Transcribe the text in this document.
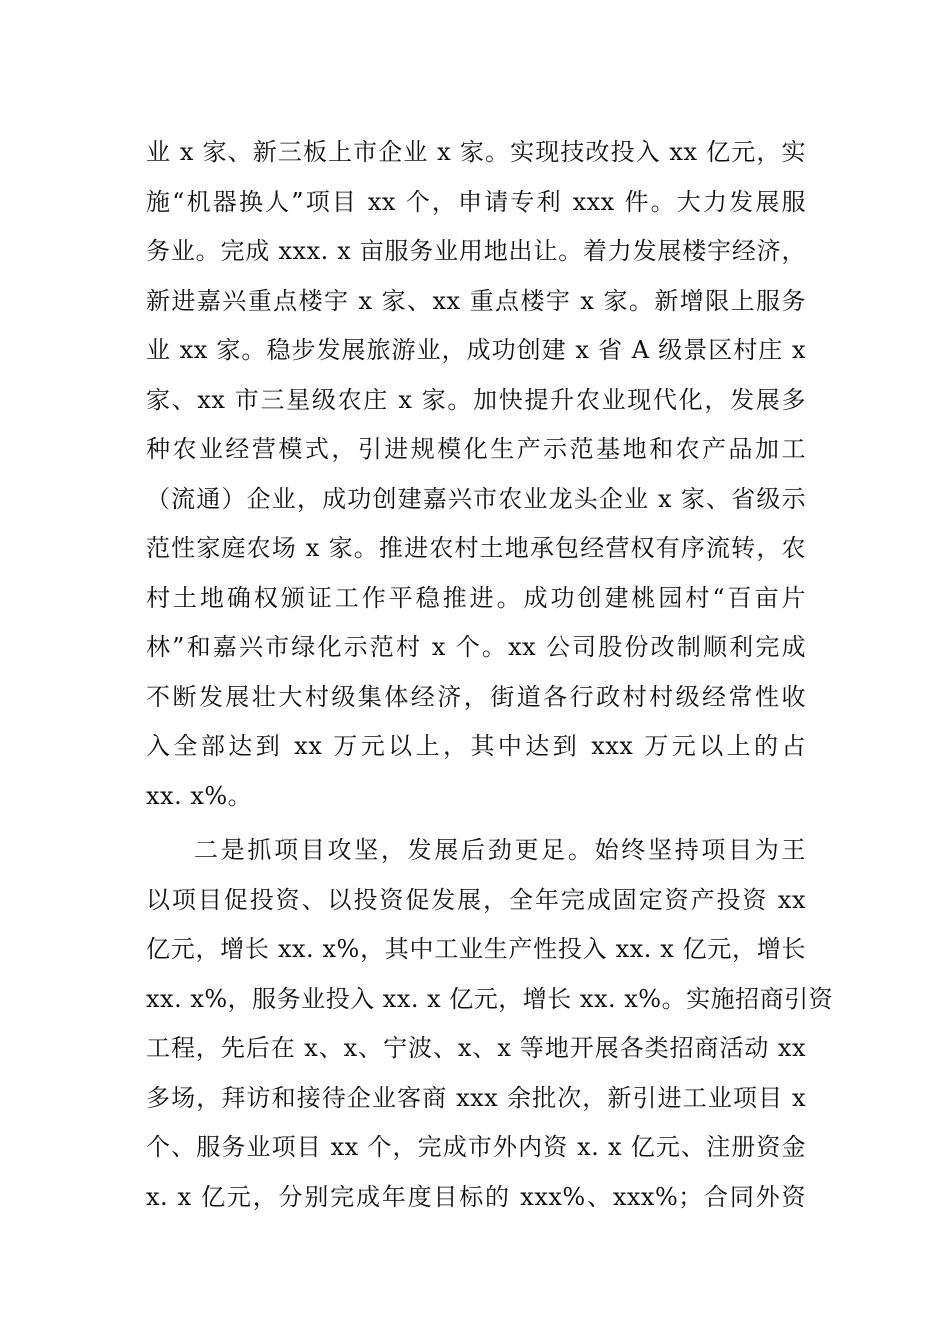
业 x 家、新三板上市企业 x 家。实现技改投入 xx 亿元，实
施“机器换人”项目 xx 个，申请专利 xxx 件。大力发展服
务业。完成 xxx. x 亩服务业用地出让。着力发展楼宇经济，
新进嘉兴重点楼宇 x 家、xx 重点楼宇 x 家。新增限上服务
业 xx 家。稳步发展旅游业，成功创建 x 省 A 级景区村庄 x
家、xx 市三星级农庄 x 家。加快提升农业现代化，发展多
种农业经营模式，引进规模化生产示范基地和农产品加工
（流通）企业，成功创建嘉兴市农业龙头企业 x 家、省级示
范性家庭农场 x 家。推进农村土地承包经营权有序流转，农
村土地确权颁证工作平稳推进。成功创建桃园村“百亩片
林”和嘉兴市绿化示范村 x 个。xx 公司股份改制顺利完成
不断发展壮大村级集体经济，街道各行政村村级经常性收
入全部达到 xx 万元以上，其中达到 xxx 万元以上的占
xx. x%。
二是抓项目攻坚，发展后劲更足。始终坚持项目为王
以项目促投资、以投资促发展，全年完成固定资产投资 xx
亿元，增长 xx. x%，其中工业生产性投入 xx. x 亿元，增长
xx. x%，服务业投入 xx. x 亿元，增长 xx. x%。实施招商引资
工程，先后在 x、x、宁波、x、x 等地开展各类招商活动 xx
多场，拜访和接待企业客商 xxx 余批次，新引进工业项目 x
个、服务业项目 xx 个，完成市外内资 x. x 亿元、注册资金
x. x 亿元，分别完成年度目标的 xxx%、xxx%；合同外资
